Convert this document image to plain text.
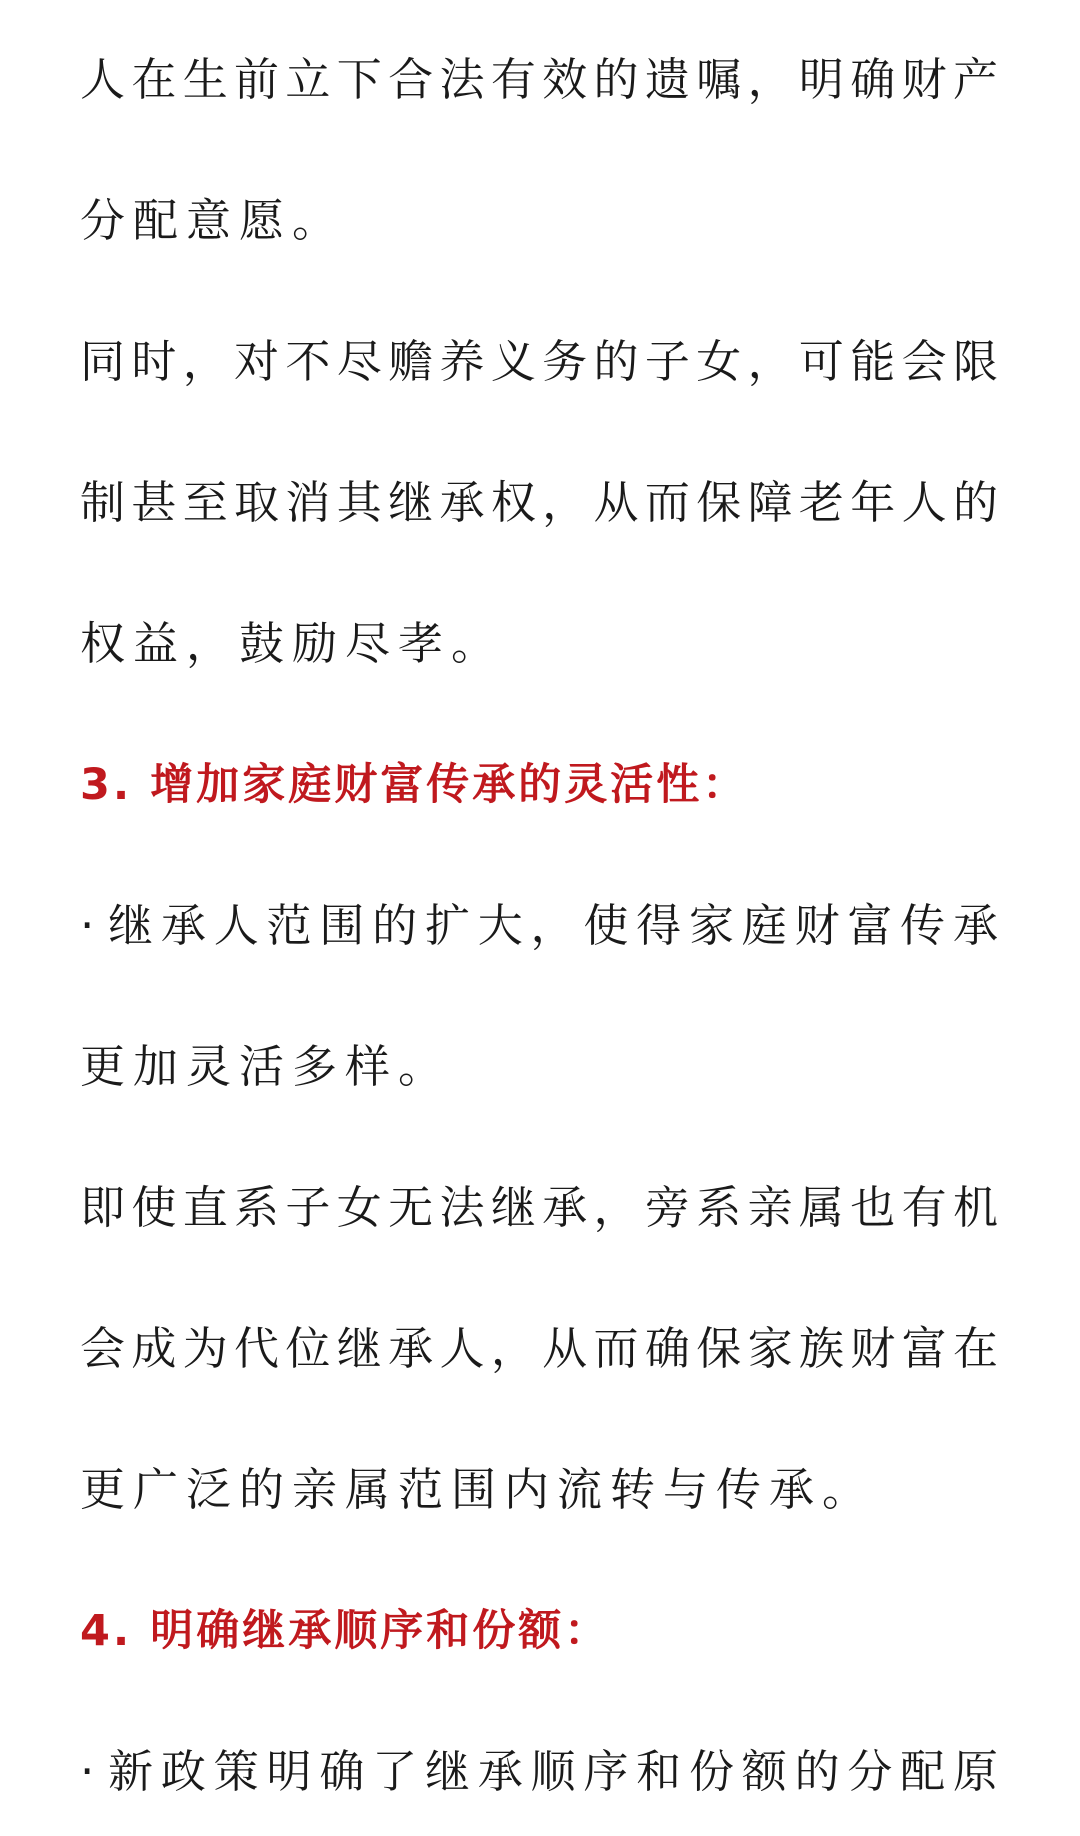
人在生前立下合法有效的遗嘱，明确财产
分配意愿。
同时，对不尽赡养义务的子女，可能会限
制甚至取消其继承权，从而保障老年人的
权益，鼓励尽孝。
3. 增加家庭财富传承的灵活性：
· 继承人范围的扩大，使得家庭财富传承
更加灵活多样。
即使直系子女无法继承，旁系亲属也有机
会成为代位继承人，从而确保家族财富在
更广泛的亲属范围内流转与传承。
4. 明确继承顺序和份额：
· 新政策明确了继承顺序和份额的分配原
